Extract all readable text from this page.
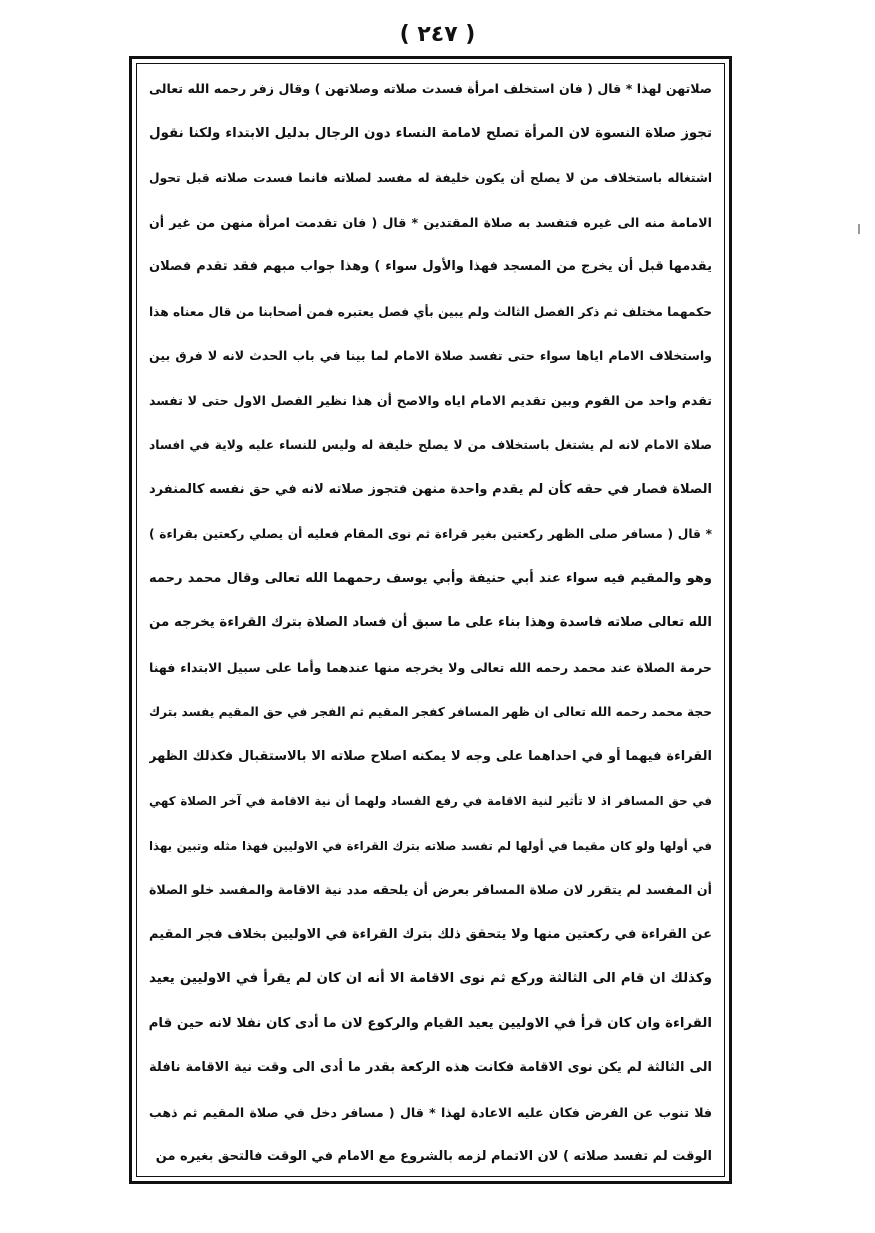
( ٢٤٧ )
صلاتهن لهذا * قال ( فان استخلف امرأة فسدت صلاته وصلاتهن ) وقال زفر رحمه الله تعالى
تجوز صلاة النسوة لان المرأة تصلح لامامة النساء دون الرجال بدليل الابتداء ولكنا نقول
اشتغاله باستخلاف من لا يصلح أن يكون خليفة له مفسد لصلاته فانما فسدت صلاته قبل تحول
الامامة منه الى غيره فتفسد به صلاة المقتدين * قال ( فان تقدمت امرأة منهن من غير أن
يقدمها قبل أن يخرج من المسجد فهذا والأول سواء ) وهذا جواب مبهم فقد تقدم فصلان
حكمهما مختلف ثم ذكر الفصل الثالث ولم يبين بأي فصل يعتبره فمن أصحابنا من قال معناه هذا
واستخلاف الامام اياها سواء حتى تفسد صلاة الامام لما بينا في باب الحدث لانه لا فرق بين
تقدم واحد من القوم وبين تقديم الامام اياه والاصح أن هذا نظير الفصل الاول حتى لا تفسد
صلاة الامام لانه لم يشتغل باستخلاف من لا يصلح خليفة له وليس للنساء عليه ولاية في افساد
الصلاة فصار في حقه كأن لم يقدم واحدة منهن فتجوز صلاته لانه في حق نفسه كالمنفرد
* قال ( مسافر صلى الظهر ركعتين بغير قراءة ثم نوى المقام فعليه أن يصلي ركعتين بقراءة )
وهو والمقيم فيه سواء عند أبي حنيفة وأبي يوسف رحمهما الله تعالى وقال محمد رحمه
الله تعالى صلاته فاسدة وهذا بناء على ما سبق أن فساد الصلاة بترك القراءة يخرجه من
حرمة الصلاة عند محمد رحمه الله تعالى ولا يخرجه منها عندهما وأما على سبيل الابتداء فهنا
حجة محمد رحمه الله تعالى ان ظهر المسافر كفجر المقيم ثم الفجر في حق المقيم يفسد بترك
القراءة فيهما أو في احداهما على وجه لا يمكنه اصلاح صلاته الا بالاستقبال فكذلك الظهر
في حق المسافر اذ لا تأثير لنية الاقامة في رفع الفساد ولهما أن نية الاقامة في آخر الصلاة كهي
في أولها ولو كان مقيما في أولها لم تفسد صلاته بترك القراءة في الاوليين فهذا مثله وتبين بهذا
أن المفسد لم يتقرر لان صلاة المسافر بعرض أن يلحقه مدد نية الاقامة والمفسد خلو الصلاة
عن القراءة في ركعتين منها ولا يتحقق ذلك بترك القراءة في الاوليين بخلاف فجر المقيم
وكذلك ان قام الى الثالثة وركع ثم نوى الاقامة الا أنه ان كان لم يقرأ في الاوليين يعيد
القراءة وان كان قرأ في الاوليين يعيد القيام والركوع لان ما أدى كان نفلا لانه حين قام
الى الثالثة لم يكن نوى الاقامة فكانت هذه الركعة بقدر ما أدى الى وقت نية الاقامة نافلة
فلا تنوب عن الفرض فكان عليه الاعادة لهذا * قال ( مسافر دخل في صلاة المقيم ثم ذهب
الوقت لم تفسد صلاته ) لان الاتمام لزمه بالشروع مع الامام في الوقت فالتحق بغيره من
